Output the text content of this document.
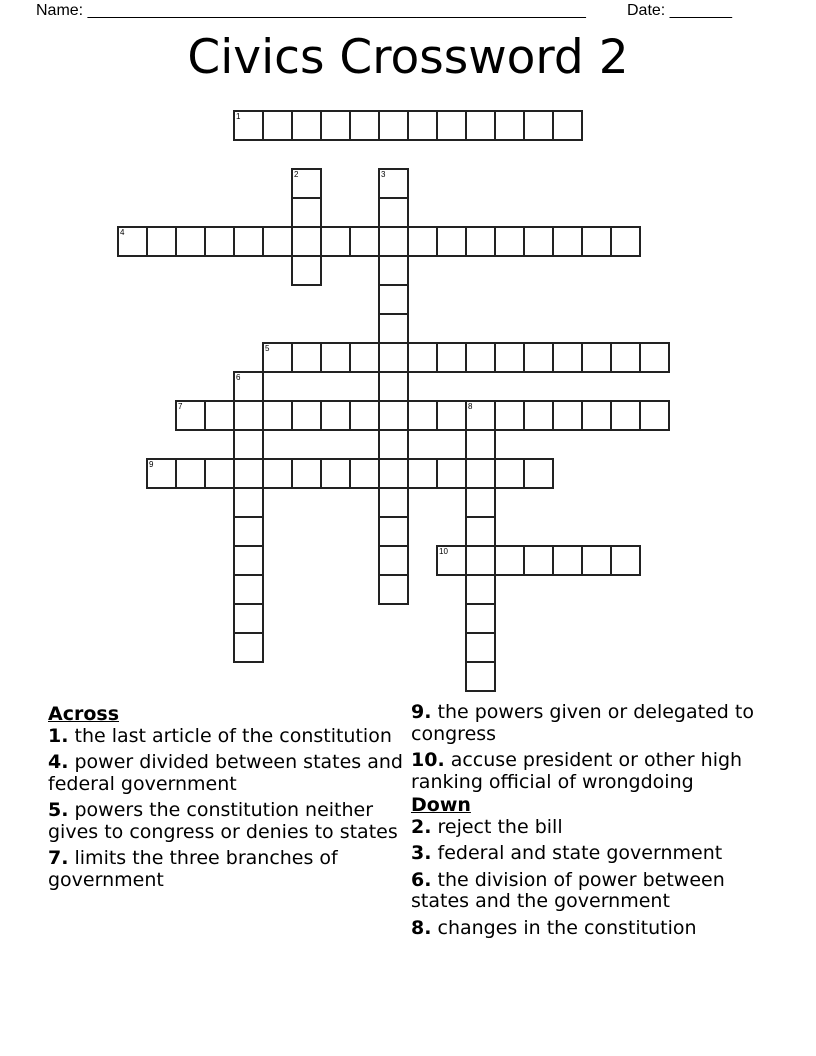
Name: ________________________________________________________	Date: _______
Civics Crossword 2
1
2	3
4
5
6
7	8
9
10
Across
1. the last article of the constitution
4. power divided between states and federal government
5. powers the constitution neither gives to congress or denies to states
7. limits the three branches of government
9. the powers given or delegated to congress
10. accuse president or other high ranking official of wrongdoing
Down
2. reject the bill
3. federal and state government
6. the division of power between states and the government
8. changes in the constitution
